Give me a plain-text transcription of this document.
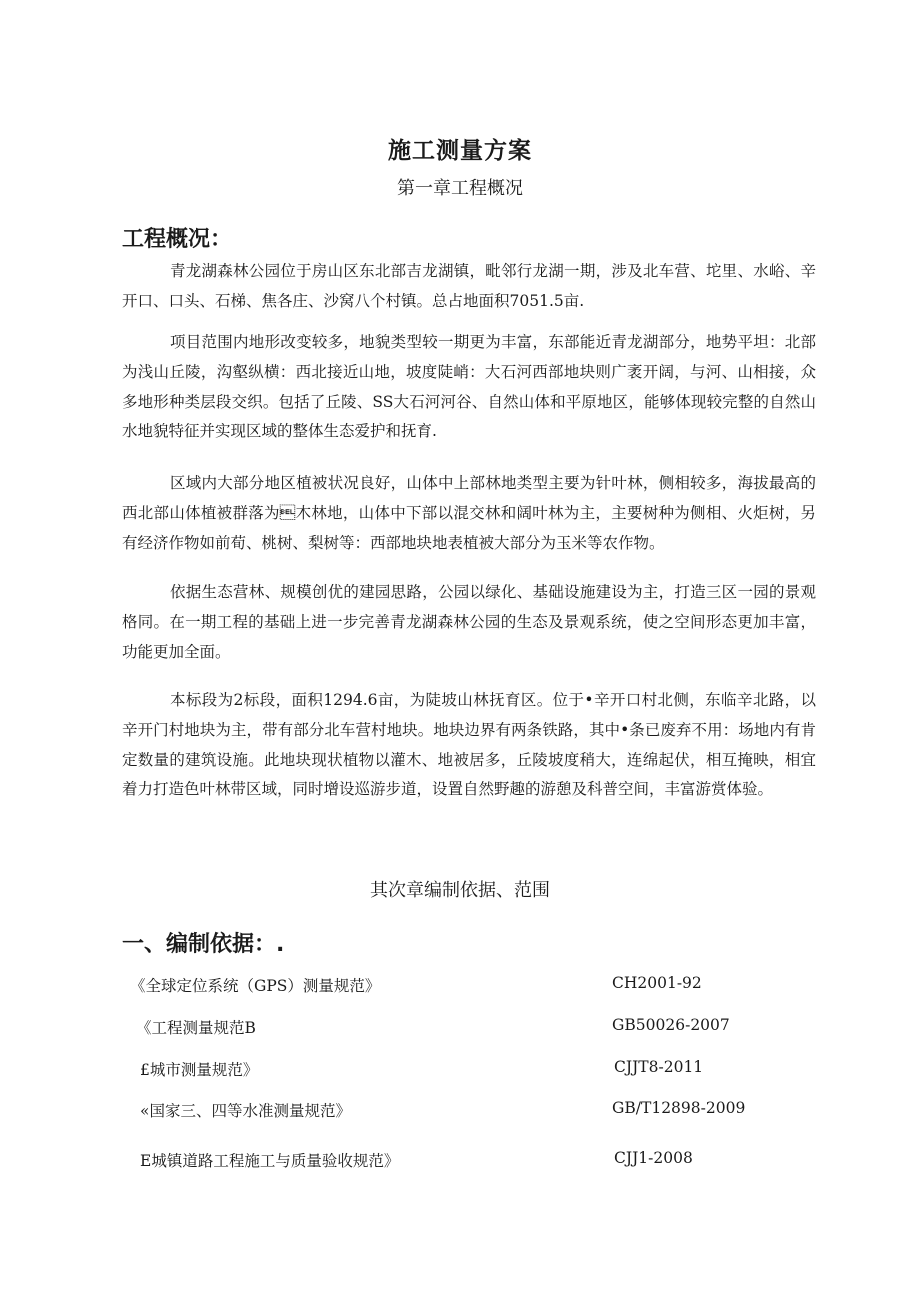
施工测量方案
第一章工程概况
工程概况：

青龙湖森林公园位于房山区东北部吉龙湖镇，毗邻行龙湖一期，涉及北车营、坨里、水峪、辛开口、口头、石梯、焦各庄、沙窝八个村镇。总占地面积7051.5亩.

项目范围内地形改变较多，地貌类型较一期更为丰富，东部能近青龙湖部分，地势平坦：北部为浅山丘陵，沟壑纵横：西北接近山地，坡度陡峭：大石河西部地块则广袤开阔，与河、山相接，众多地形种类层段交织。包括了丘陵、SS大石河河谷、自然山体和平原地区，能够体现较完整的自然山水地貌特征并实现区域的整体生态爱护和抚育.

区域内大部分地区植被状况良好，山体中上部林地类型主要为针叶林，侧相较多，海拔最高的西北部山体植被群落为木林地，山体中下部以混交林和阔叶林为主，主要树种为侧相、火炬树，另有经济作物如前荀、桃树、梨树等：西部地块地表植被大部分为玉米等农作物。

依据生态营林、规模创优的建园思路，公园以绿化、基础设施建设为主，打造三区一园的景观格同。在一期工程的基础上进一步完善青龙湖森林公园的生态及景观系统，使之空间形态更加丰富，功能更加全面。

本标段为2标段，面积1294.6亩，为陡坡山林抚育区。位于•辛开口村北侧，东临辛北路，以辛开门村地块为主，带有部分北车营村地块。地块边界有两条铁路，其中•条已废弃不用：场地内有肯定数量的建筑设施。此地块现状植物以灌木、地被居多，丘陵坡度稍大，连绵起伏，相互掩映，相宜着力打造色叶林带区域，同时增设巡游步道，设置自然野趣的游憩及科普空间，丰富游赏体验。

其次章编制依据、范围
一、编制依据：.
《全球定位系统（GPS）测量规范》	CH2001-92
《工程测量规范B	GB50026-2007
£城市测量规范》	CJJT8-2011
«国家三、四等水准测量规范》	GB/T12898-2009
E城镇道路工程施工与质量验收规范》	CJJ1-2008
